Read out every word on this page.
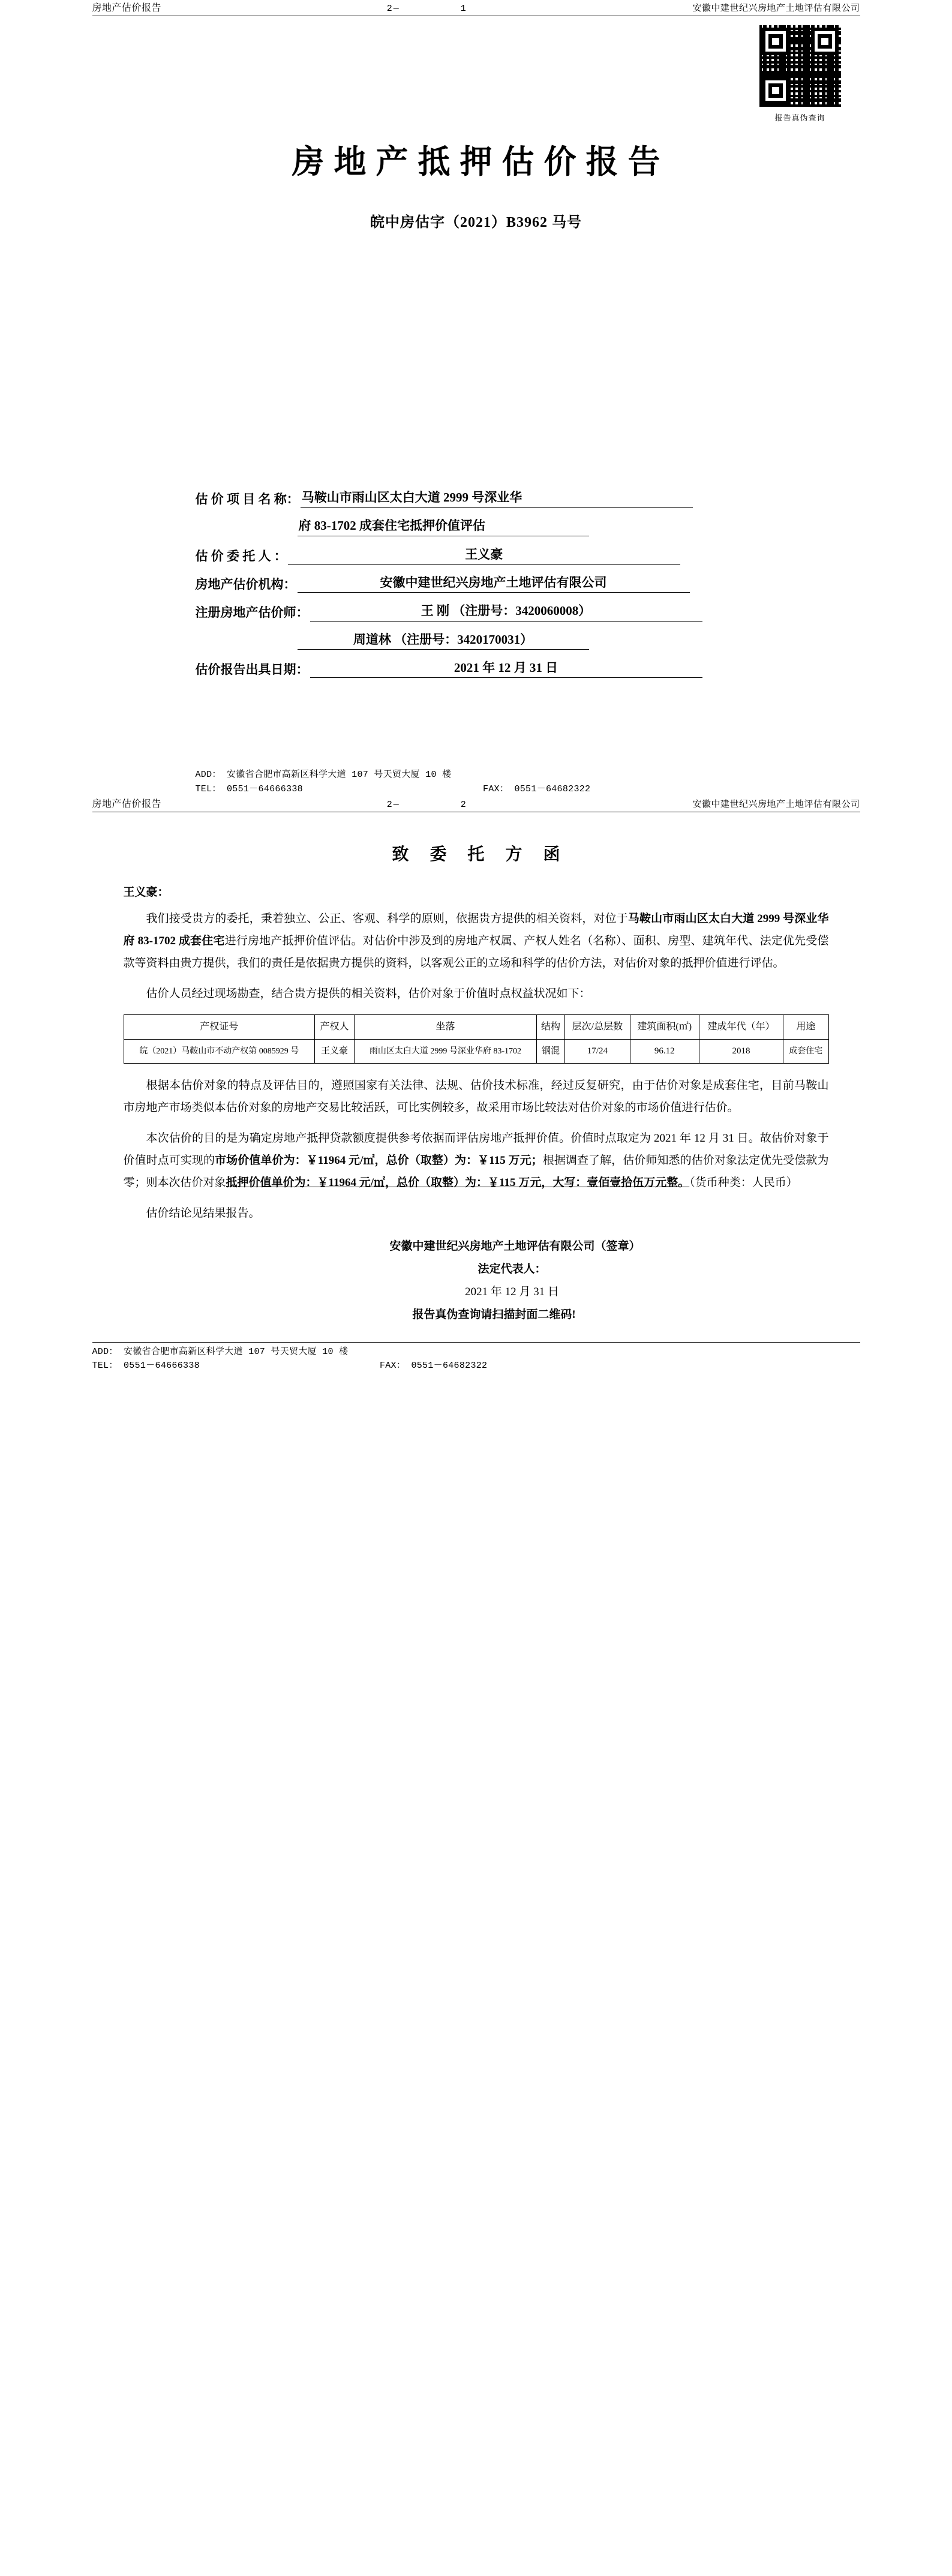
房地产估价报告	2—	1	安徽中建世纪兴房地产土地评估有限公司
报告真伪查询
房地产抵押估价报告
皖中房估字（2021）B3962 马号
估 价 项 目 名 称： 马鞍山市雨山区太白大道 2999 号深业华
府 83-1702 成套住宅抵押价值评估
估 价 委 托 人 ：	王义豪
房地产估价机构：	安徽中建世纪兴房地产土地评估有限公司
注册房地产估价师：	王 刚 （注册号：3420060008）
周道林 （注册号：3420170031）
估价报告出具日期：	2021 年 12 月 31 日
ADD： 安徽省合肥市高新区科学大道 107 号天贸大厦 10 楼
TEL： 0551－64666338	FAX： 0551－64682322
房地产估价报告	2—	2	安徽中建世纪兴房地产土地评估有限公司
致 委 托 方 函
王义豪：

我们接受贵方的委托，秉着独立、公正、客观、科学的原则，依据贵方提供的相关资料，对位于马鞍山市雨山区太白大道 2999 号深业华府 83-1702 成套住宅进行房地产抵押价值评估。对估价中涉及到的房地产权属、产权人姓名（名称）、面积、房型、建筑年代、法定优先受偿款等资料由贵方提供，我们的责任是依据贵方提供的资料，以客观公正的立场和科学的估价方法，对估价对象的抵押价值进行评估。

估价人员经过现场勘查，结合贵方提供的相关资料，估价对象于价值时点权益状况如下：

产权证号	产权人	坐落	结构	层次/总层数	建筑面积(㎡)	建成年代（年）	用途
皖（2021）马鞍山市不动产权第 0085929 号	王义豪	雨山区太白大道 2999 号深业华府 83-1702	钢混	17/24	96.12	2018	成套住宅

根据本估价对象的特点及评估目的，遵照国家有关法律、法规、估价技术标准，经过反复研究，由于估价对象是成套住宅，目前马鞍山市房地产市场类似本估价对象的房地产交易比较活跃，可比实例较多，故采用市场比较法对估价对象的市场价值进行估价。

本次估价的目的是为确定房地产抵押贷款额度提供参考依据而评估房地产抵押价值。价值时点取定为 2021 年 12 月 31 日。故估价对象于价值时点可实现的市场价值单价为：￥11964 元/㎡，总价（取整）为：￥115 万元；根据调查了解，估价师知悉的估价对象法定优先受偿款为零；则本次估价对象抵押价值单价为：￥11964 元/㎡，总价（取整）为：￥115 万元，大写：壹佰壹拾伍万元整。（货币种类：人民币）

估价结论见结果报告。

安徽中建世纪兴房地产土地评估有限公司（签章）
法定代表人：
2021 年 12 月 31 日
报告真伪查询请扫描封面二维码!
ADD： 安徽省合肥市高新区科学大道 107 号天贸大厦 10 楼
TEL： 0551－64666338	FAX： 0551－64682322
